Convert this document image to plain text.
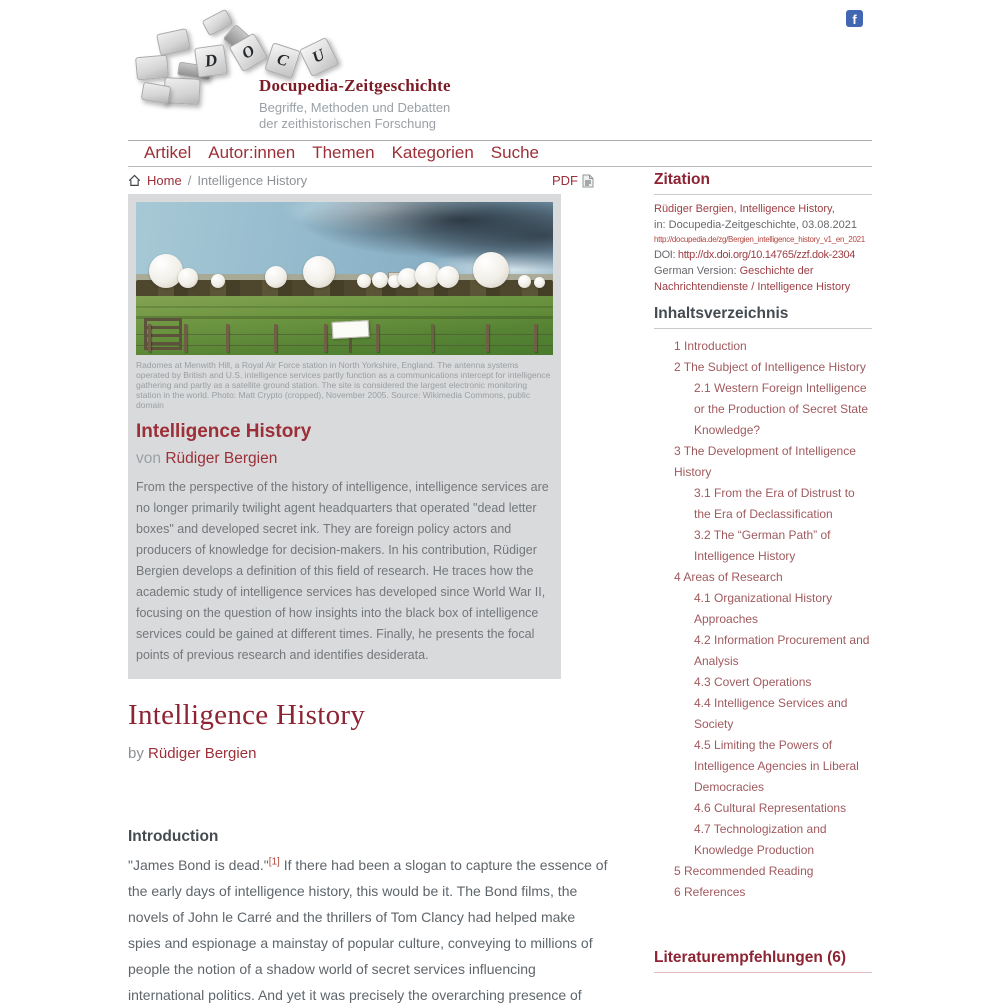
D O C U
Docupedia-Zeitgeschichte
Begriffe, Methoden und Debatten
der zeithistorischen Forschung
f
Artikel Autor:innen Themen Kategorien Suche
Home / Intelligence History	PDF

Radomes at Menwith Hill, a Royal Air Force station in North Yorkshire, England. The antenna systems operated by British and U.S. intelligence services partly function as a communications intercept for intelligence gathering and partly as a satellite ground station. The site is considered the largest electronic monitoring station in the world. Photo: Matt Crypto (cropped), November 2005. Source: Wikimedia Commons, public domain

Intelligence History

von Rüdiger Bergien

From the perspective of the history of intelligence, intelligence services are no longer primarily twilight agent headquarters that operated "dead letter boxes" and developed secret ink. They are foreign policy actors and producers of knowledge for decision-makers. In his contribution, Rüdiger Bergien develops a definition of this field of research. He traces how the academic study of intelligence services has developed since World War II, focusing on the question of how insights into the black box of intelligence services could be gained at different times. Finally, he presents the focal points of previous research and identifies desiderata.

Intelligence History

by Rüdiger Bergien

Introduction

"James Bond is dead."[1] If there had been a slogan to capture the essence of the early days of intelligence history, this would be it. The Bond films, the novels of John le Carré and the thrillers of Tom Clancy had helped make spies and espionage a mainstay of popular culture, conveying to millions of people the notion of a shadow world of secret services influencing international politics. And yet it was precisely the overarching presence of

Zitation
Rüdiger Bergien, Intelligence History,
in: Docupedia-Zeitgeschichte, 03.08.2021
http://docupedia.de/zg/Bergien_intelligence_history_v1_en_2021
DOI: http://dx.doi.org/10.14765/zzf.dok-2304
German Version: Geschichte der Nachrichtendienste / Intelligence History
Inhaltsverzeichnis
1 Introduction
2 The Subject of Intelligence History
2.1 Western Foreign Intelligence or the Production of Secret State Knowledge?
3 The Development of Intelligence History
3.1 From the Era of Distrust to the Era of Declassification
3.2 The “German Path” of Intelligence History
4 Areas of Research
4.1 Organizational History Approaches
4.2 Information Procurement and Analysis
4.3 Covert Operations
4.4 Intelligence Services and Society
4.5 Limiting the Powers of Intelligence Agencies in Liberal Democracies
4.6 Cultural Representations
4.7 Technologization and Knowledge Production
5 Recommended Reading
6 References
Literaturempfehlungen (6)
